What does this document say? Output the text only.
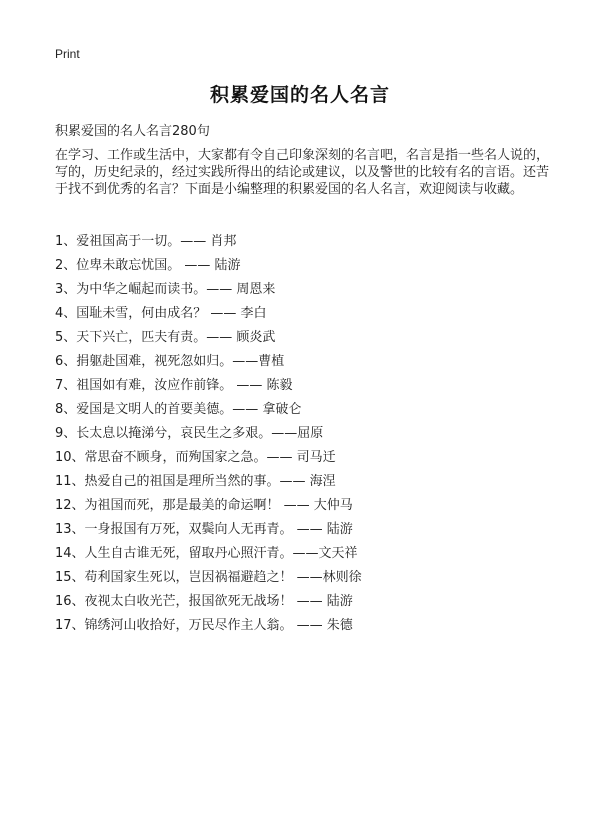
Print
积累爱国的名人名言
积累爱国的名人名言280句
在学习、工作或生活中，大家都有令自己印象深刻的名言吧，名言是指一些名人说的，写的，历史纪录的，经过实践所得出的结论或建议，以及警世的比较有名的言语。还苦于找不到优秀的名言？下面是小编整理的积累爱国的名人名言，欢迎阅读与收藏。
1、爱祖国高于一切。—— 肖邦
2、位卑未敢忘忧国。 —— 陆游
3、为中华之崛起而读书。—— 周恩来
4、国耻未雪，何由成名？ —— 李白
5、天下兴亡，匹夫有责。—— 顾炎武
6、捐躯赴国难，视死忽如归。——曹植
7、祖国如有难，汝应作前锋。 —— 陈毅
8、爱国是文明人的首要美德。—— 拿破仑
9、长太息以掩涕兮，哀民生之多艰。——屈原
10、常思奋不顾身，而殉国家之急。—— 司马迁
11、热爱自己的祖国是理所当然的事。—— 海涅
12、为祖国而死，那是最美的命运啊！ —— 大仲马
13、一身报国有万死，双鬓向人无再青。 —— 陆游
14、人生自古谁无死，留取丹心照汗青。——文天祥
15、苟利国家生死以，岂因祸福避趋之！ ——林则徐
16、夜视太白收光芒，报国欲死无战场！ —— 陆游
17、锦绣河山收拾好，万民尽作主人翁。 —— 朱德
